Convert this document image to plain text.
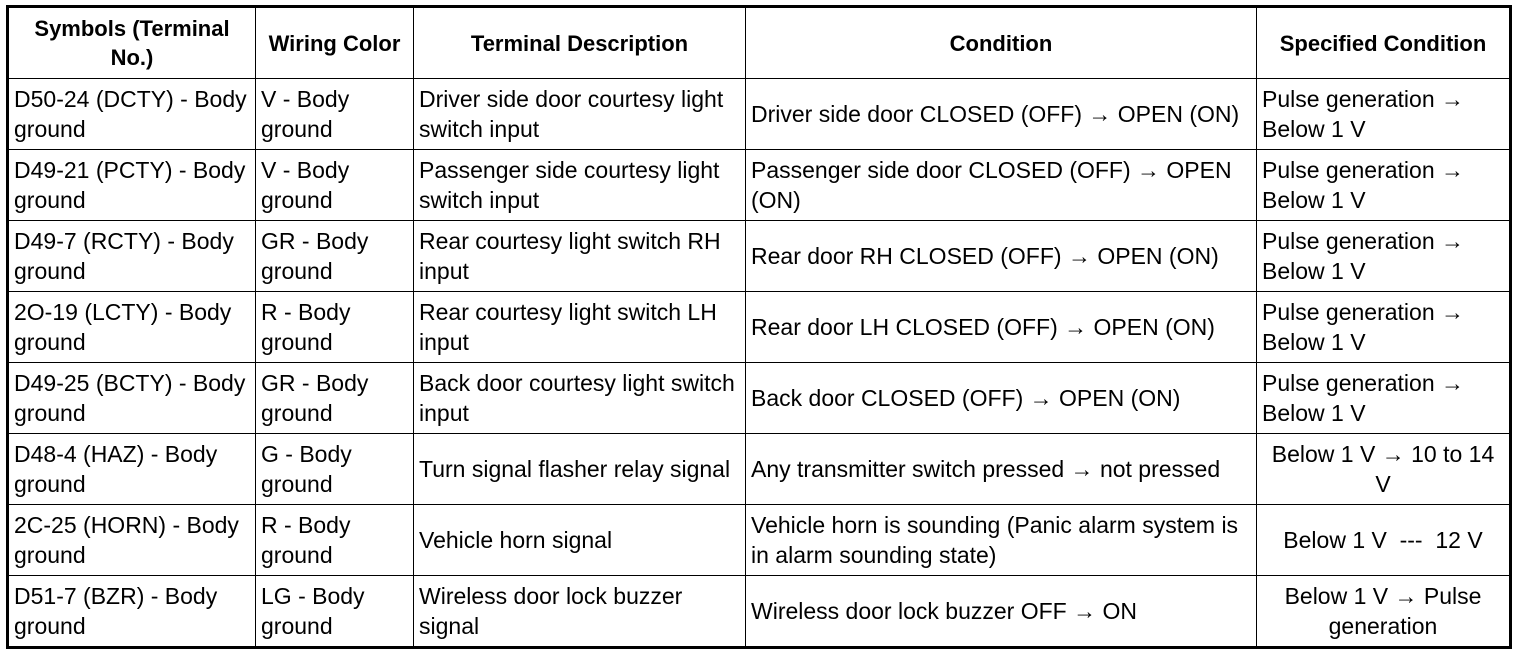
Symbols (Terminal No.)	Wiring Color	Terminal Description	Condition	Specified Condition
D50-24 (DCTY) - Body ground	V - Body ground	Driver side door courtesy light switch input	Driver side door CLOSED (OFF) → OPEN (ON)	Pulse generation → Below 1 V
D49-21 (PCTY) - Body ground	V - Body ground	Passenger side courtesy light switch input	Passenger side door CLOSED (OFF) → OPEN (ON)	Pulse generation → Below 1 V
D49-7 (RCTY) - Body ground	GR - Body ground	Rear courtesy light switch RH input	Rear door RH CLOSED (OFF) → OPEN (ON)	Pulse generation → Below 1 V
2O-19 (LCTY) - Body ground	R - Body ground	Rear courtesy light switch LH input	Rear door LH CLOSED (OFF) → OPEN (ON)	Pulse generation → Below 1 V
D49-25 (BCTY) - Body ground	GR - Body ground	Back door courtesy light switch input	Back door CLOSED (OFF) → OPEN (ON)	Pulse generation → Below 1 V
D48-4 (HAZ) - Body ground	G - Body ground	Turn signal flasher relay signal	Any transmitter switch pressed → not pressed	Below 1 V → 10 to 14 V
2C-25 (HORN) - Body ground	R - Body ground	Vehicle horn signal	Vehicle horn is sounding (Panic alarm system is in alarm sounding state)	Below 1 V  ---  12 V
D51-7 (BZR) - Body ground	LG - Body ground	Wireless door lock buzzer signal	Wireless door lock buzzer OFF → ON	Below 1 V → Pulse generation
